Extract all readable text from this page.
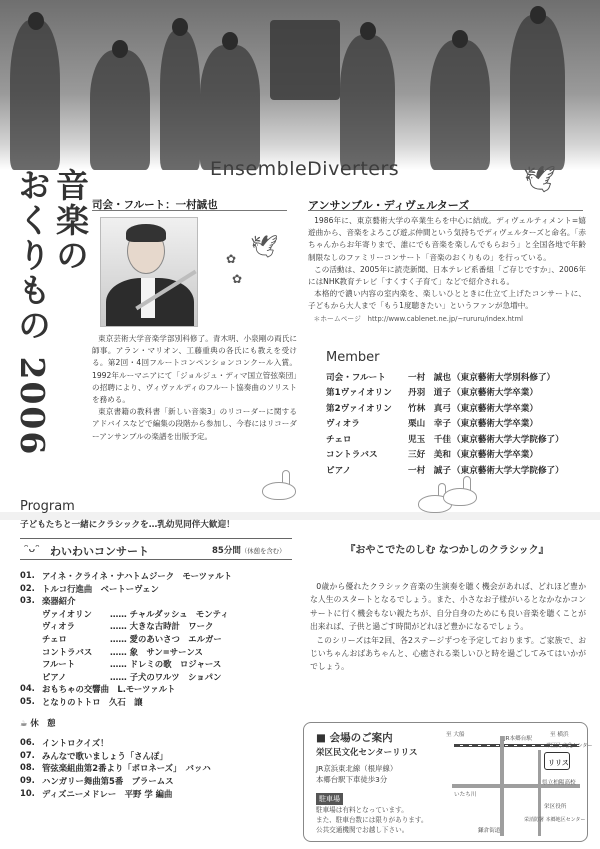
EnsembleDiverters
音楽の
おくりもの 2006	司会・フルート：一村誠也
🕊
✿
✿

東京芸術大学音楽学部別科修了。青木明、小泉剛の両氏に師事。アラン・マリオン、工藤重典の各氏にも教えを受ける。第2回・4回フルートコンペンションコンクール入賞。1992年ルーマニアにて「ジョルジュ・ディマ国立管弦楽団」の招聘により、ヴィヴァルディのフルート協奏曲のソリストを務める。

東京書籍の教科書「新しい音楽3」のリコーダーに関するアドバイスなどで編集の段階から参加し、今春にはリコーダーアンサンブルの楽譜を出版予定。

アンサンブル・ディヴェルターズ
🕊

1986年に、東京藝術大学の卒業生らを中心に結成。ディヴェルティメント=嬉遊曲から、音楽をよろこび遊ぶ仲間という気持ちでディヴェルターズと命名。「赤ちゃんからお年寄りまで、誰にでも音楽を楽しんでもらおう」と全国各地で年齢制限なしのファミリーコンサート「音楽のおくりもの」を行っている。

この活動は、2005年に読売新聞、日本テレビ系番組「ご存じですか」、2006年にはNHK教育テレビ「すくすく子育て」などで紹介される。

本格的で濃い内容の室内楽を、楽しいひとときに仕立て上げたコンサートに、子どもから大人まで「もう1度聴きたい」というファンが急増中。

＊ホームページ　http://www.cablenet.ne.jp/~rururu/index.html

Member
司会・フルート	一村　誠也 （東京藝術大学別科修了）
第1ヴァイオリン	丹羽　道子 （東京藝術大学卒業）
第2ヴァイオリン	竹林　真弓 （東京藝術大学卒業）
ヴィオラ	栗山　幸子 （東京藝術大学卒業）
チェロ	児玉　千佳 （東京藝術大学大学院修了）
コントラバス	三好　美和 （東京藝術大学卒業）
ピアノ	一村　誠子 （東京藝術大学大学院修了）
Program
子どもたちと一緒にクラシックを…乳幼児同伴大歓迎！
ᵔᴗᵔ わいわいコンサート	85分間（休憩を含む）
01. アイネ・クライネ・ナハトムジーク　モーツァルト
02. トルコ行進曲　ベートーヴェン
03. 楽器紹介
ヴァイオリン	…… チャルダッシュ　モンティ
ヴィオラ	…… 大きな古時計　ワーク
チェロ	…… 愛のあいさつ　エルガー
コントラバス	…… 象　サン=サーンス
フルート	…… ドレミの歌　ロジャース
ピアノ	…… 子犬のワルツ　ショパン
04. おもちゃの交響曲　L.モーツァルト
05. となりのトトロ　久石　譲
☕ 休　憩
06. イントロクイズ！
07. みんなで歌いましょう「さんぽ」
08. 管弦楽組曲第2番より「ポロネーズ」　バッハ
09. ハンガリー舞曲第5番　ブラームス
10. ディズニーメドレー　平野 学 編曲
『おやこでたのしむ なつかしのクラシック』

0歳から優れたクラシック音楽の生演奏を聴く機会があれば、どれほど豊かな人生のスタートとなるでしょう。また、小さなお子様がいるとなかなかコンサートに行く機会もない親たちが、自分自身のためにも良い音楽を聴くことが出来れば、子供と過ごす時間がどれほど豊かになるでしょう。

このシリーズは年2回、各2ステージずつを予定しております。ご家族で、おじいちゃんおばあちゃんと、心癒される楽しいひと時を過ごしてみてはいかがでしょう。

■ 会場のご案内
栄区民文化センターリリス
JR京浜東北線（根岸線）
本郷台駅下車徒歩3分
駐車場
駐車場は有料となっています。
また、駐車台数には限りがあります。
公共交通機関でお越し下さい。
至 大船	至 横浜
JR本郷台駅
栄区民 文化センター
リリス
県立柏陽高校
栄区役所
いたち川
鎌倉街道
栄消防署 本郷地区センター
